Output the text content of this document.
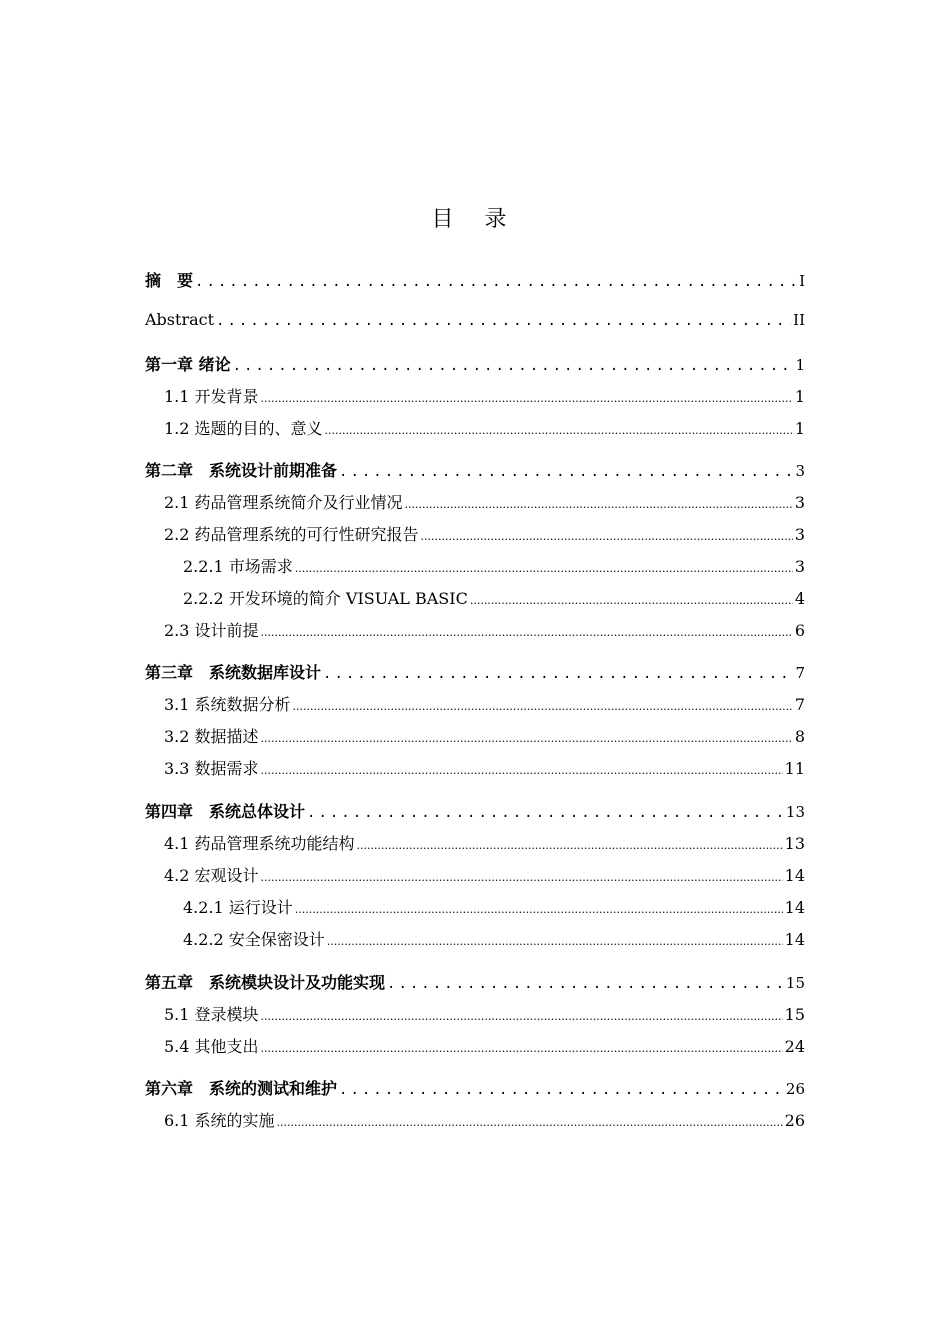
目 录
摘　要 .....	I
Abstract .....	II
第一章 绪论 .....	1
1.1 开发背景 .....	1
1.2 选题的目的、意义 .....	1
第二章　系统设计前期准备 .....	3
2.1 药品管理系统简介及行业情况 .....	3
2.2 药品管理系统的可行性研究报告 .....	3
2.2.1 市场需求 .....	3
2.2.2 开发环境的简介 VISUAL BASIC .....	4
2.3 设计前提 .....	6
第三章　系统数据库设计 .....	7
3.1 系统数据分析 .....	7
3.2 数据描述 .....	8
3.3 数据需求 .....	11
第四章　系统总体设计 .....	13
4.1 药品管理系统功能结构 .....	13
4.2 宏观设计 .....	14
4.2.1 运行设计 .....	14
4.2.2 安全保密设计 .....	14
第五章　系统模块设计及功能实现 .....	15
5.1 登录模块 .....	15
5.4 其他支出 .....	24
第六章　系统的测试和维护 .....	26
6.1 系统的实施 .....	26
